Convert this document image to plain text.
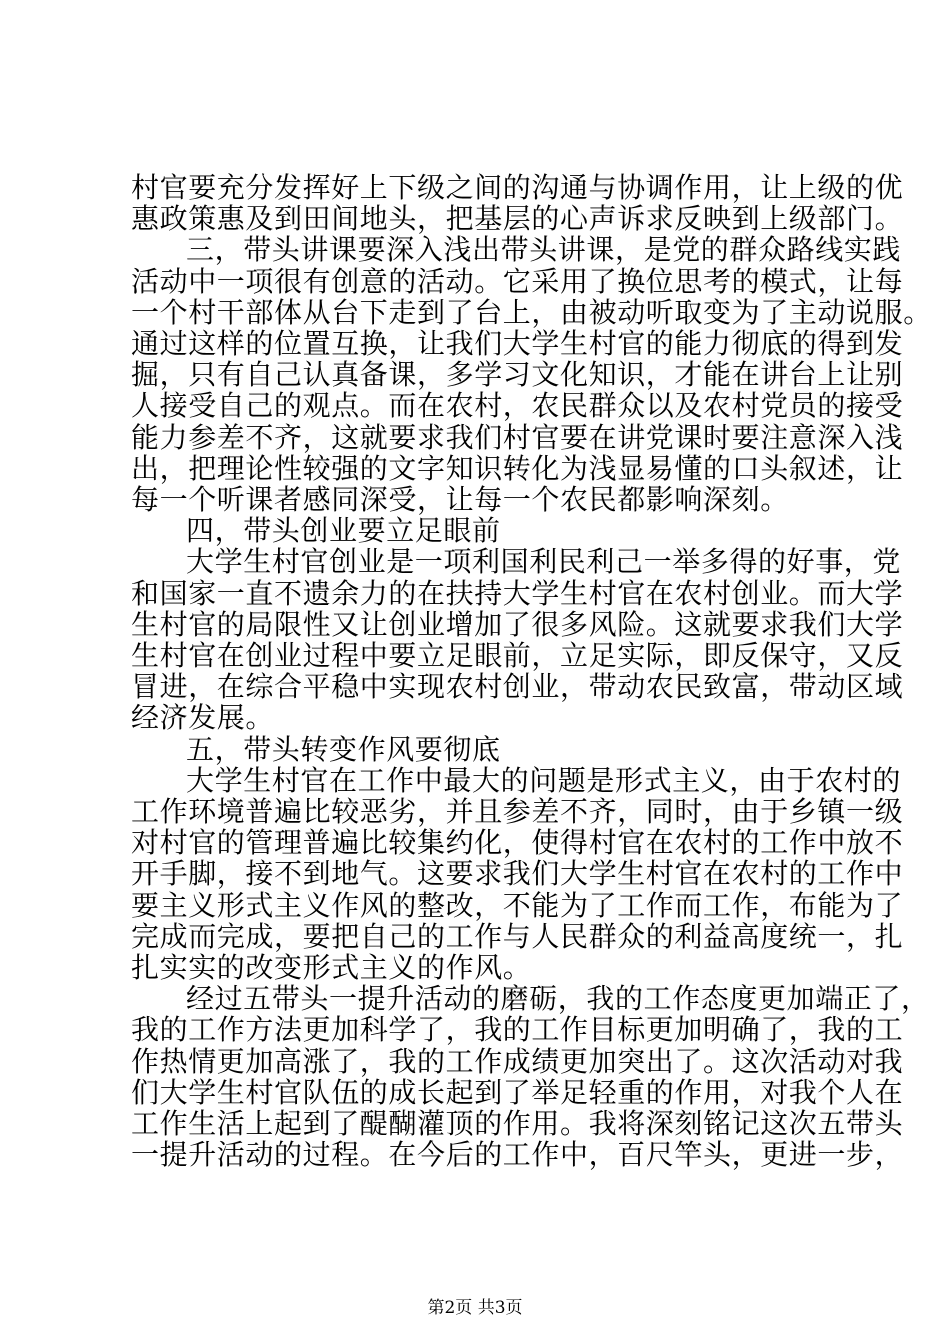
村官要充分发挥好上下级之间的沟通与协调作用，让上级的优
惠政策惠及到田间地头，把基层的心声诉求反映到上级部门。
三，带头讲课要深入浅出带头讲课，是党的群众路线实践
活动中一项很有创意的活动。它采用了换位思考的模式，让每
一个村干部体从台下走到了台上，由被动听取变为了主动说服。
通过这样的位置互换，让我们大学生村官的能力彻底的得到发
掘，只有自己认真备课，多学习文化知识，才能在讲台上让别
人接受自己的观点。而在农村，农民群众以及农村党员的接受
能力参差不齐，这就要求我们村官要在讲党课时要注意深入浅
出，把理论性较强的文字知识转化为浅显易懂的口头叙述，让
每一个听课者感同深受，让每一个农民都影响深刻。
四，带头创业要立足眼前
大学生村官创业是一项利国利民利己一举多得的好事，党
和国家一直不遗余力的在扶持大学生村官在农村创业。而大学
生村官的局限性又让创业增加了很多风险。这就要求我们大学
生村官在创业过程中要立足眼前，立足实际，即反保守，又反
冒进，在综合平稳中实现农村创业，带动农民致富，带动区域
经济发展。
五，带头转变作风要彻底
大学生村官在工作中最大的问题是形式主义，由于农村的
工作环境普遍比较恶劣，并且参差不齐，同时，由于乡镇一级
对村官的管理普遍比较集约化，使得村官在农村的工作中放不
开手脚，接不到地气。这要求我们大学生村官在农村的工作中
要主义形式主义作风的整改，不能为了工作而工作，布能为了
完成而完成，要把自己的工作与人民群众的利益高度统一，扎
扎实实的改变形式主义的作风。
经过五带头一提升活动的磨砺，我的工作态度更加端正了，
我的工作方法更加科学了，我的工作目标更加明确了，我的工
作热情更加高涨了，我的工作成绩更加突出了。这次活动对我
们大学生村官队伍的成长起到了举足轻重的作用，对我个人在
工作生活上起到了醍醐灌顶的作用。我将深刻铭记这次五带头
一提升活动的过程。在今后的工作中，百尺竿头，更进一步，
第2页 共3页
